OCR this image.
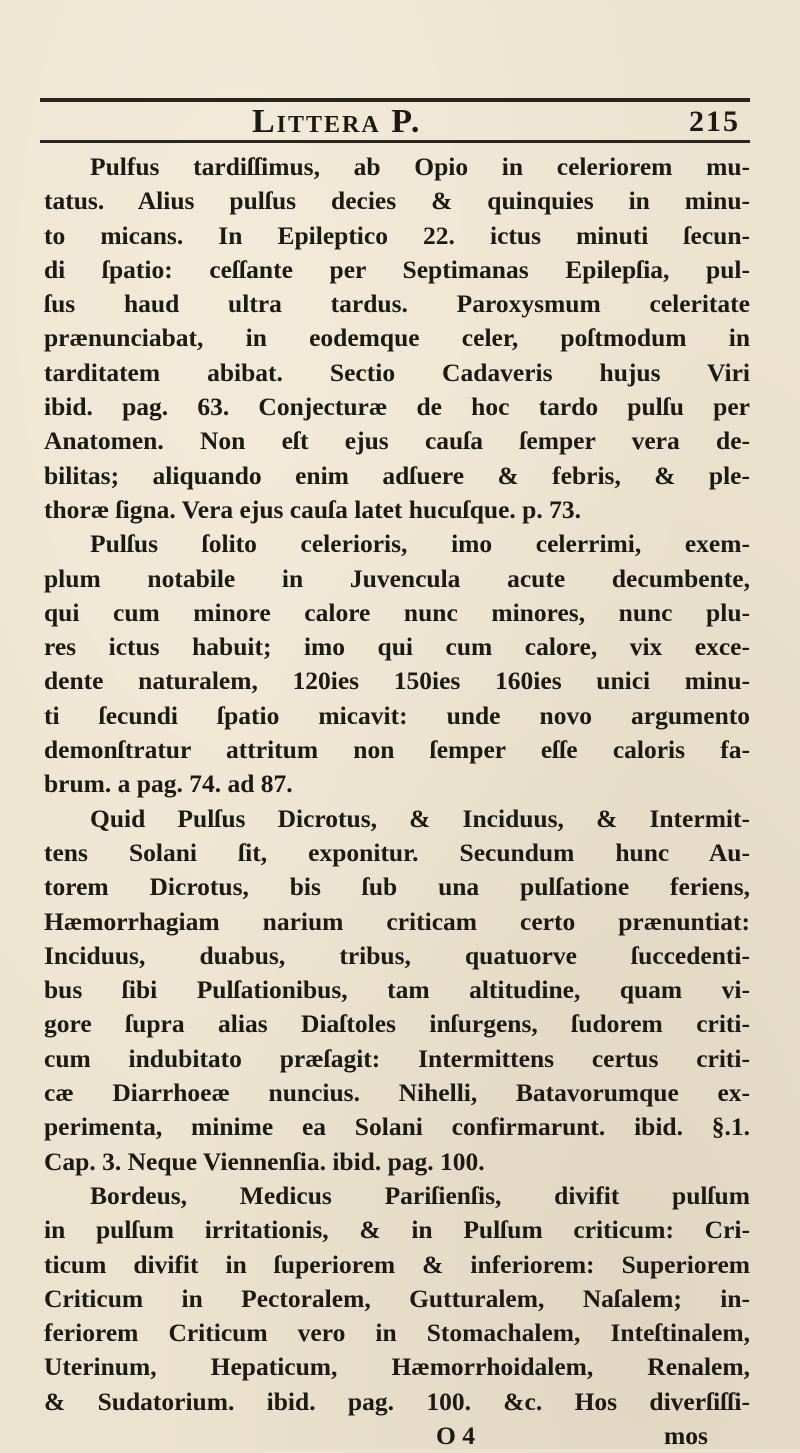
Littera P.	215
Pulfus tardiſſimus, ab Opio in celeriorem mu-
tatus. Alius pulſus decies & quinquies in minu-
to micans. In Epileptico 22. ictus minuti ſecun-
di ſpatio: ceſſante per Septimanas Epilepſia, pul-
ſus haud ultra tardus. Paroxysmum celeritate
prænunciabat, in eodemque celer, poſtmodum in
tarditatem abibat. Sectio Cadaveris hujus Viri
ibid. pag. 63. Conjecturæ de hoc tardo pulſu per
Anatomen. Non eſt ejus cauſa ſemper vera de-
bilitas; aliquando enim adſuere & febris, & ple-
thoræ ſigna. Vera ejus cauſa latet hucuſque. p. 73.
Pulſus ſolito celerioris, imo celerrimi, exem-
plum notabile in Juvencula acute decumbente,
qui cum minore calore nunc minores, nunc plu-
res ictus habuit; imo qui cum calore, vix exce-
dente naturalem, 120ies 150ies 160ies unici minu-
ti ſecundi ſpatio micavit: unde novo argumento
demonſtratur attritum non ſemper eſſe caloris fa-
brum. a pag. 74. ad 87.
Quid Pulſus Dicrotus, & Inciduus, & Intermit-
tens Solani ſit, exponitur. Secundum hunc Au-
torem Dicrotus, bis ſub una pulſatione feriens,
Hæmorrhagiam narium criticam certo prænuntiat:
Inciduus, duabus, tribus, quatuorve ſuccedenti-
bus ſibi Pulſationibus, tam altitudine, quam vi-
gore ſupra alias Diaſtoles inſurgens, ſudorem criti-
cum indubitato præſagit: Intermittens certus criti-
cæ Diarrhoeæ nuncius. Nihelli, Batavorumque ex-
perimenta, minime ea Solani confirmarunt. ibid. §.1.
Cap. 3. Neque Viennenſia. ibid. pag. 100.
Bordeus, Medicus Pariſienſis, divifit pulſum
in pulſum irritationis, & in Pulſum criticum: Cri-
ticum divifit in ſuperiorem & inferiorem: Superiorem
Criticum in Pectoralem, Gutturalem, Naſalem; in-
feriorem Criticum vero in Stomachalem, Inteſtinalem,
Uterinum, Hepaticum, Hæmorrhoidalem, Renalem,
& Sudatorium. ibid. pag. 100. &c. Hos diverſiſſi-
O 4	mos
